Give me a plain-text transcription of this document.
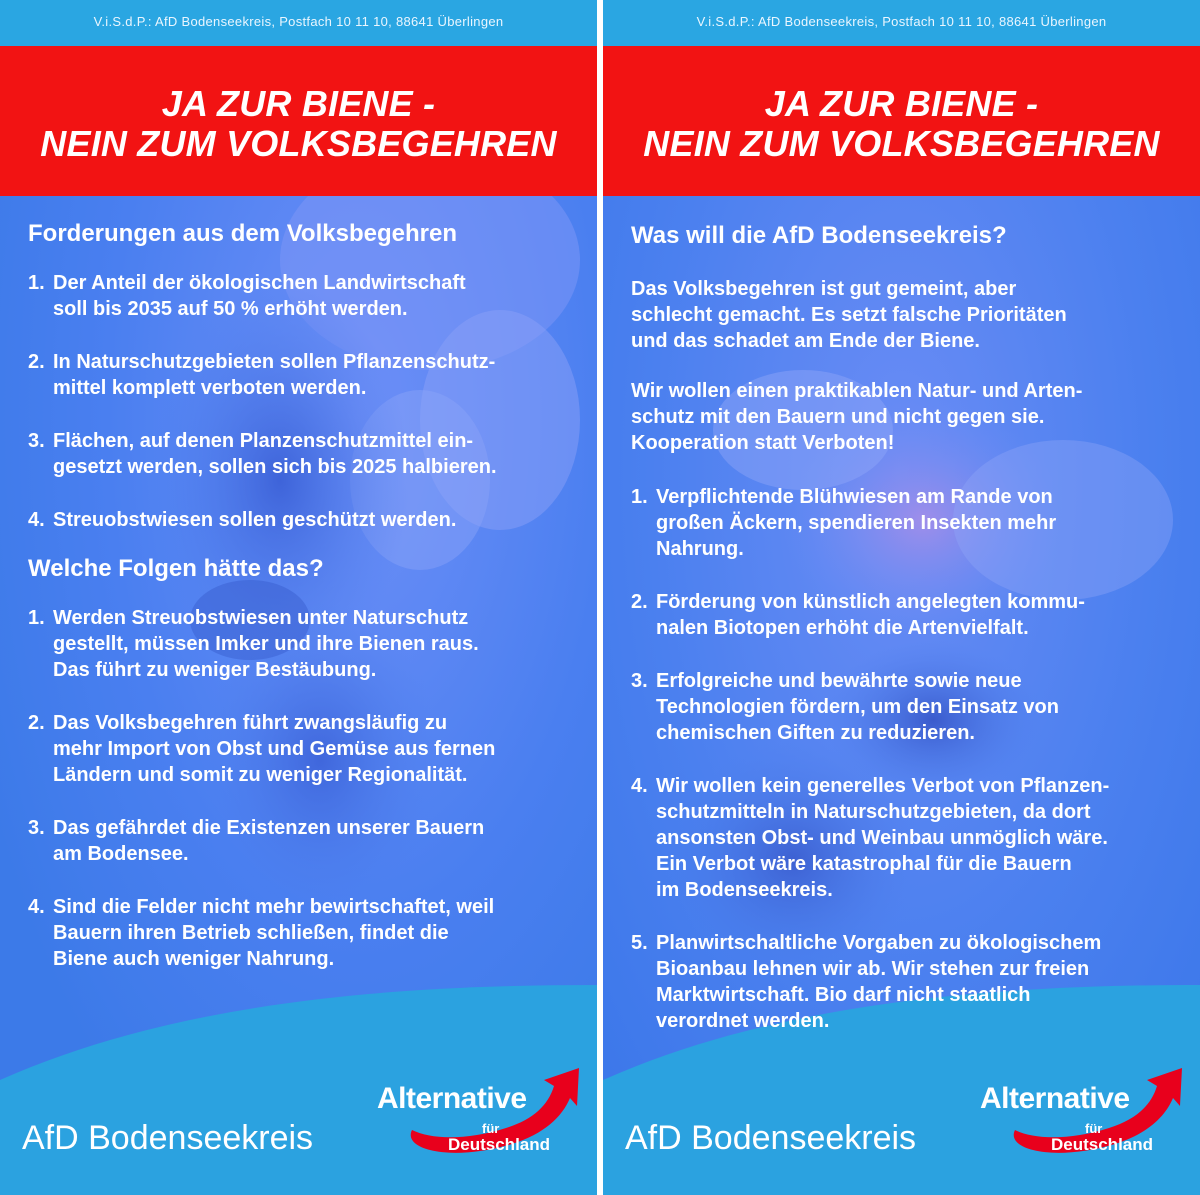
V.i.S.d.P.: AfD Bodenseekreis, Postfach 10 11 10, 88641 Überlingen
JA ZUR BIENE -
NEIN ZUM VOLKSBEGEHREN
Forderungen aus dem Volksbegehren
1. Der Anteil der ökologischen Landwirtschaft
soll bis 2035 auf 50 % erhöht werden.
2. In Naturschutzgebieten sollen Pflanzenschutz-
mittel komplett verboten werden.
3. Flächen, auf denen Planzenschutzmittel ein-
gesetzt werden, sollen sich bis 2025 halbieren.
4. Streuobstwiesen sollen geschützt werden.
Welche Folgen hätte das?
1. Werden Streuobstwiesen unter Naturschutz
gestellt, müssen Imker und ihre Bienen raus.
Das führt zu weniger Bestäubung.
2. Das Volksbegehren führt zwangsläufig zu
mehr Import von Obst und Gemüse aus fernen
Ländern und somit zu weniger Regionalität.
3. Das gefährdet die Existenzen unserer Bauern
am Bodensee.
4. Sind die Felder nicht mehr bewirtschaftet, weil
Bauern ihren Betrieb schließen, findet die
Biene auch weniger Nahrung.
AfD Bodenseekreis
Alternative
für
Deutschland
V.i.S.d.P.: AfD Bodenseekreis, Postfach 10 11 10, 88641 Überlingen
JA ZUR BIENE -
NEIN ZUM VOLKSBEGEHREN
Was will die AfD Bodenseekreis?

Das Volksbegehren ist gut gemeint, aber
schlecht gemacht. Es setzt falsche Prioritäten
und das schadet am Ende der Biene.

Wir wollen einen praktikablen Natur- und Arten-
schutz mit den Bauern und nicht gegen sie.
Kooperation statt Verboten!

1. Verpflichtende Blühwiesen am Rande von
großen Äckern, spendieren Insekten mehr
Nahrung.
2. Förderung von künstlich angelegten kommu-
nalen Biotopen erhöht die Artenvielfalt.
3. Erfolgreiche und bewährte sowie neue
Technologien fördern, um den Einsatz von
chemischen Giften zu reduzieren.
4. Wir wollen kein generelles Verbot von Pflanzen-
schutzmitteln in Naturschutzgebieten, da dort
ansonsten Obst- und Weinbau unmöglich wäre.
Ein Verbot wäre katastrophal für die Bauern
im Bodenseekreis.
5. Planwirtschaltliche Vorgaben zu ökologischem
Bioanbau lehnen wir ab. Wir stehen zur freien
Marktwirtschaft. Bio darf nicht staatlich
verordnet werden.
AfD Bodenseekreis
Alternative
für
Deutschland
